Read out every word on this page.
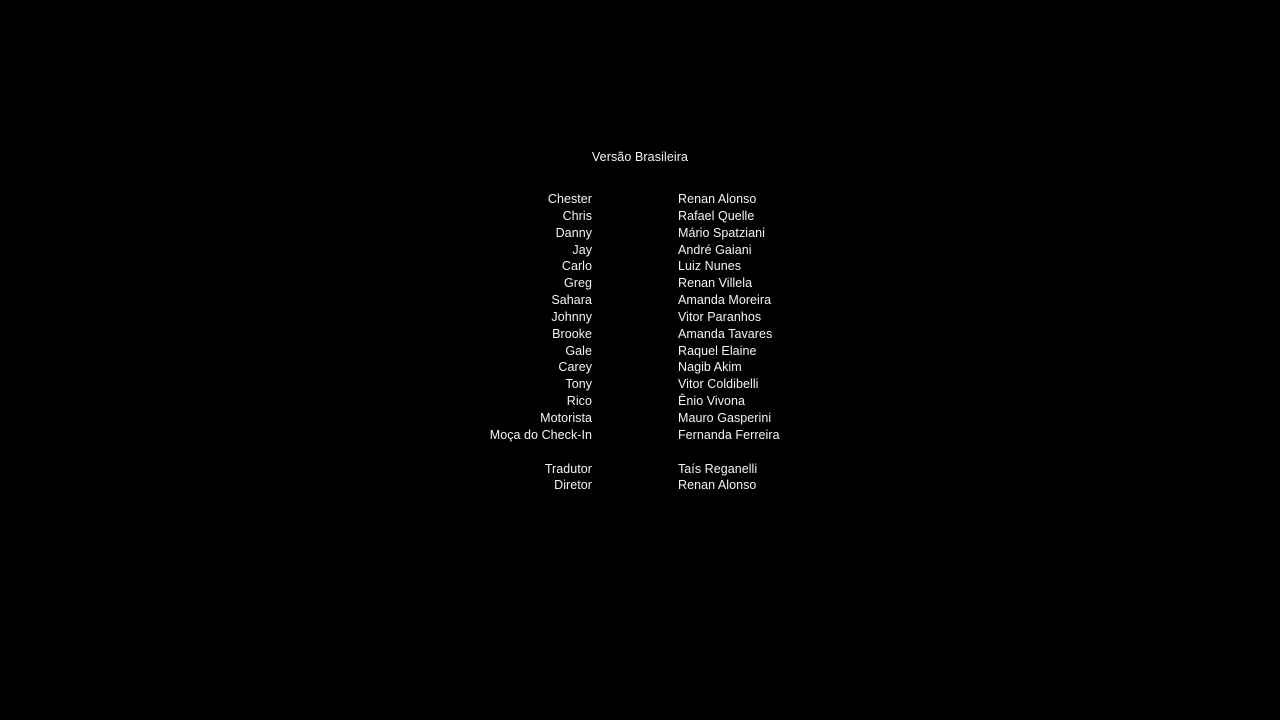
Versão Brasileira
Chester
Chris
Danny
Jay
Carlo
Greg
Sahara
Johnny
Brooke
Gale
Carey
Tony
Rico
Motorista
Moça do Check-In
Tradutor
Diretor
Renan Alonso
Rafael Quelle
Mário Spatziani
André Gaiani
Luiz Nunes
Renan Villela
Amanda Moreira
Vitor Paranhos
Amanda Tavares
Raquel Elaine
Nagib Akim
Vitor Coldibelli
Ênio Vivona
Mauro Gasperini
Fernanda Ferreira
Taís Reganelli
Renan Alonso
